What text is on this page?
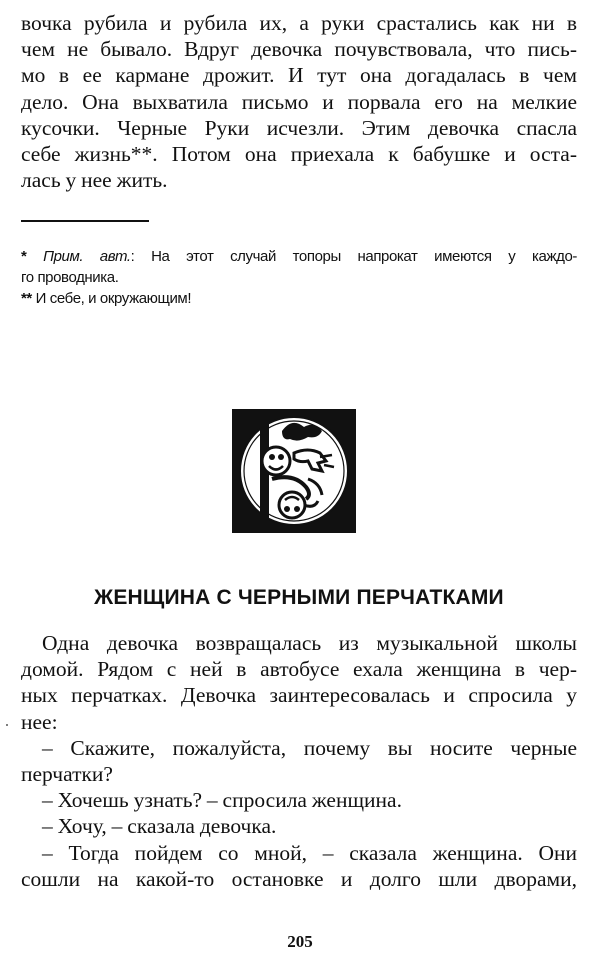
вочка рубила и рубила их, а руки срастались как ни в
чем не бывало. Вдруг девочка почувствовала, что пись-
мо в ее кармане дрожит. И тут она догадалась в чем
дело. Она выхватила письмо и порвала его на мелкие
кусочки. Черные Руки исчезли. Этим девочка спасла
себе жизнь**. Потом она приехала к бабушке и оста-
лась у нее жить.
* Прим. авт.: На этот случай топоры напрокат имеются у каждо-
го проводника.
** И себе, и окружающим!
ЖЕНЩИНА С ЧЕРНЫМИ ПЕРЧАТКАМИ
Одна девочка возвращалась из музыкальной школы
домой. Рядом с ней в автобусе ехала женщина в чер-
ных перчатках. Девочка заинтересовалась и спросила у
нее:
– Скажите, пожалуйста, почему вы носите черные
перчатки?
– Хочешь узнать? – спросила женщина.
– Хочу, – сказала девочка.
– Тогда пойдем со мной, – сказала женщина. Они
сошли на какой-то остановке и долго шли дворами,
205
